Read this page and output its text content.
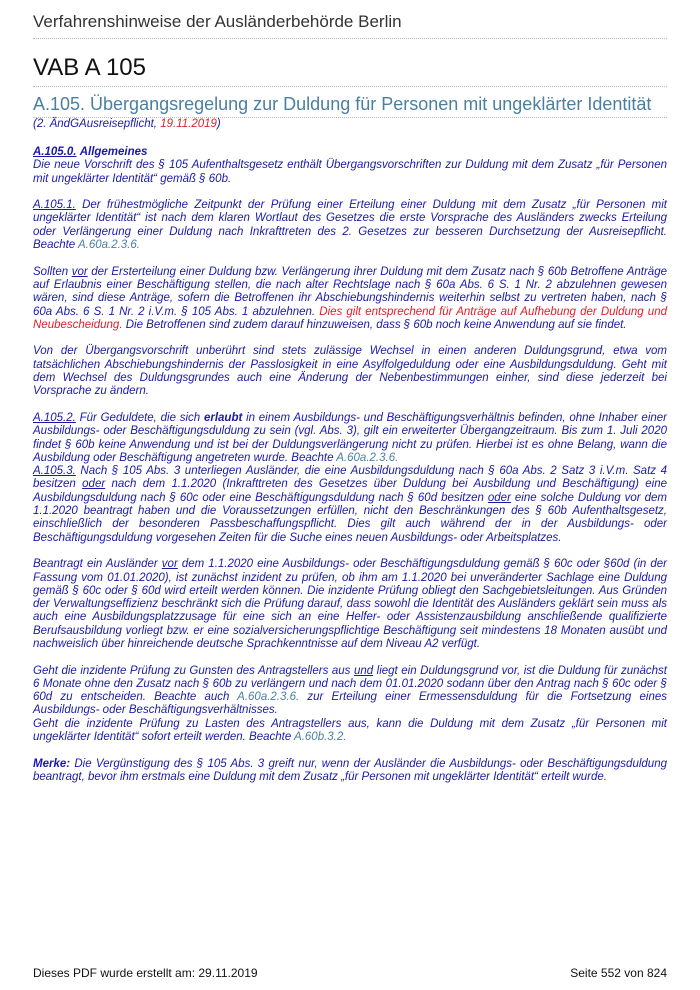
Verfahrenshinweise der Ausländerbehörde Berlin
VAB A 105
A.105. Übergangsregelung zur Duldung für Personen mit ungeklärter Identität
(2. ÄndGAusreisepflicht, 19.11.2019)

A.105.0. Allgemeines

Die neue Vorschrift des § 105 Aufenthaltsgesetz enthält Übergangsvorschriften zur Duldung mit dem Zusatz „für Personen mit ungeklärter Identität“ gemäß § 60b.

A.105.1. Der frühestmögliche Zeitpunkt der Prüfung einer Erteilung einer Duldung mit dem Zusatz „für Personen mit ungeklärter Identität“ ist nach dem klaren Wortlaut des Gesetzes die erste Vorsprache des Ausländers zwecks Erteilung oder Verlängerung einer Duldung nach Inkrafttreten des 2. Gesetzes zur besseren Durchsetzung der Ausreisepflicht. Beachte A.60a.2.3.6.

Sollten vor der Ersterteilung einer Duldung bzw. Verlängerung ihrer Duldung mit dem Zusatz nach § 60b Betroffene Anträge auf Erlaubnis einer Beschäftigung stellen, die nach alter Rechtslage nach § 60a Abs. 6 S. 1 Nr. 2 abzulehnen gewesen wären, sind diese Anträge, sofern die Betroffenen ihr Abschiebungshindernis weiterhin selbst zu vertreten haben, nach § 60a Abs. 6 S. 1 Nr. 2 i.V.m. § 105 Abs. 1 abzulehnen. Dies gilt entsprechend für Anträge auf Aufhebung der Duldung und Neubescheidung. Die Betroffenen sind zudem darauf hinzuweisen, dass § 60b noch keine Anwendung auf sie findet.

Von der Übergangsvorschrift unberührt sind stets zulässige Wechsel in einen anderen Duldungsgrund, etwa vom tatsächlichen Abschiebungshindernis der Passlosigkeit in eine Asylfolgeduldung oder eine Ausbildungsduldung. Geht mit dem Wechsel des Duldungsgrundes auch eine Änderung der Nebenbestimmungen einher, sind diese jederzeit bei Vorsprache zu ändern.

A.105.2. Für Geduldete, die sich erlaubt in einem Ausbildungs- und Beschäftigungsverhältnis befinden, ohne Inhaber einer Ausbildungs- oder Beschäftigungsduldung zu sein (vgl. Abs. 3), gilt ein erweiterter Übergangzeitraum. Bis zum 1. Juli 2020 findet § 60b keine Anwendung und ist bei der Duldungsverlängerung nicht zu prüfen. Hierbei ist es ohne Belang, wann die Ausbildung oder Beschäftigung angetreten wurde. Beachte A.60a.2.3.6.

A.105.3. Nach § 105 Abs. 3 unterliegen Ausländer, die eine Ausbildungsduldung nach § 60a Abs. 2 Satz 3 i.V.m. Satz 4 besitzen oder nach dem 1.1.2020 (Inkrafttreten des Gesetzes über Duldung bei Ausbildung und Beschäftigung) eine Ausbildungsduldung nach § 60c oder eine Beschäftigungsduldung nach § 60d besitzen oder eine solche Duldung vor dem 1.1.2020 beantragt haben und die Voraussetzungen erfüllen, nicht den Beschränkungen des § 60b Aufenthaltsgesetz, einschließlich der besonderen Passbeschaffungspflicht. Dies gilt auch während der in der Ausbildungs- oder Beschäftigungsduldung vorgesehen Zeiten für die Suche eines neuen Ausbildungs- oder Arbeitsplatzes.

Beantragt ein Ausländer vor dem 1.1.2020 eine Ausbildungs- oder Beschäftigungsduldung gemäß § 60c oder §60d (in der Fassung vom 01.01.2020), ist zunächst inzident zu prüfen, ob ihm am 1.1.2020 bei unveränderter Sachlage eine Duldung gemäß § 60c oder § 60d wird erteilt werden können. Die inzidente Prüfung obliegt den Sachgebietsleitungen. Aus Gründen der Verwaltungseffizienz beschränkt sich die Prüfung darauf, dass sowohl die Identität des Ausländers geklärt sein muss als auch eine Ausbildungsplatzzusage für eine sich an eine Helfer- oder Assistenzausbildung anschließende qualifizierte Berufsausbildung vorliegt bzw. er eine sozialversicherungspflichtige Beschäftigung seit mindestens 18 Monaten ausübt und nachweislich über hinreichende deutsche Sprachkenntnisse auf dem Niveau A2 verfügt.

Geht die inzidente Prüfung zu Gunsten des Antragstellers aus und liegt ein Duldungsgrund vor, ist die Duldung für zunächst 6 Monate ohne den Zusatz nach § 60b zu verlängern und nach dem 01.01.2020 sodann über den Antrag nach § 60c oder § 60d zu entscheiden. Beachte auch A.60a.2.3.6. zur Erteilung einer Ermessensduldung für die Fortsetzung eines Ausbildungs- oder Beschäftigungsverhältnisses.

Geht die inzidente Prüfung zu Lasten des Antragstellers aus, kann die Duldung mit dem Zusatz „für Personen mit ungeklärter Identität“ sofort erteilt werden. Beachte A.60b.3.2.

Merke: Die Vergünstigung des § 105 Abs. 3 greift nur, wenn der Ausländer die Ausbildungs- oder Beschäftigungsduldung beantragt, bevor ihm erstmals eine Duldung mit dem Zusatz „für Personen mit ungeklärter Identität“ erteilt wurde.

Dieses PDF wurde erstellt am: 29.11.2019	Seite 552 von 824
